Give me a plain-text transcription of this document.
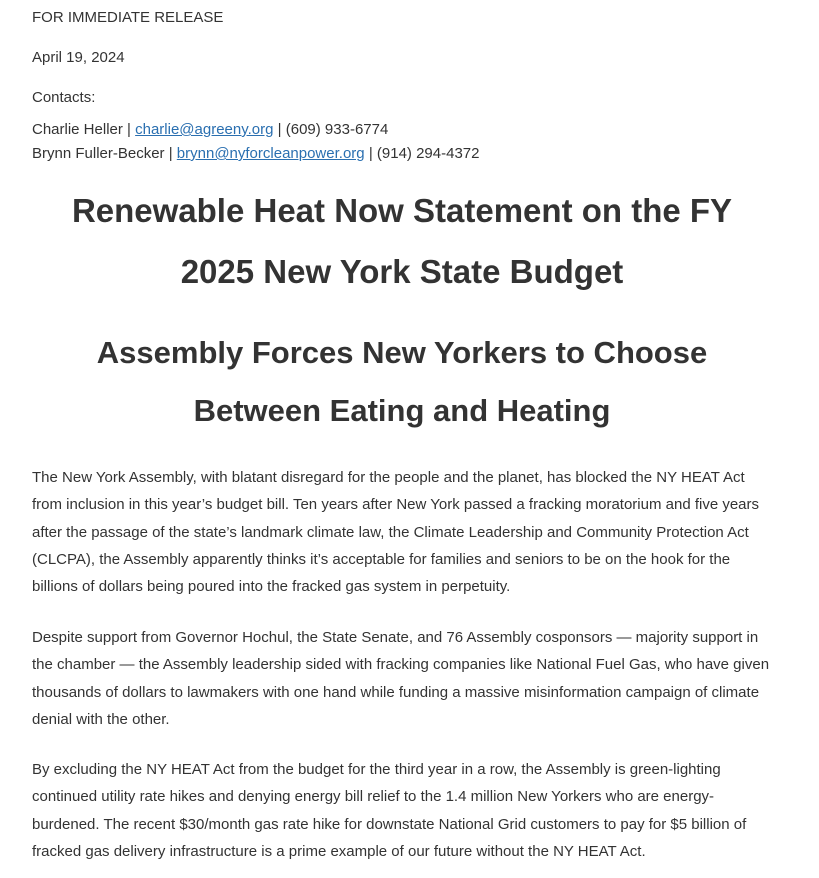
FOR IMMEDIATE RELEASE
April 19, 2024
Contacts:
Charlie Heller | charlie@agreeny.org | (609) 933-6774
Brynn Fuller-Becker | brynn@nyforcleanpower.org | (914) 294-4372
Renewable Heat Now Statement on the FY 2025 New York State Budget
Assembly Forces New Yorkers to Choose Between Eating and Heating

The New York Assembly, with blatant disregard for the people and the planet, has blocked the NY HEAT Act from inclusion in this year’s budget bill. Ten years after New York passed a fracking moratorium and five years after the passage of the state’s landmark climate law, the Climate Leadership and Community Protection Act (CLCPA), the Assembly apparently thinks it’s acceptable for families and seniors to be on the hook for the billions of dollars being poured into the fracked gas system in perpetuity.

Despite support from Governor Hochul, the State Senate, and 76 Assembly cosponsors — majority support in the chamber — the Assembly leadership sided with fracking companies like National Fuel Gas, who have given thousands of dollars to lawmakers with one hand while funding a massive misinformation campaign of climate denial with the other.

By excluding the NY HEAT Act from the budget for the third year in a row, the Assembly is green-lighting continued utility rate hikes and denying energy bill relief to the 1.4 million New Yorkers who are energy-burdened. The recent $30/month gas rate hike for downstate National Grid customers to pay for $5 billion of fracked gas delivery infrastructure is a prime example of our future without the NY HEAT Act.
